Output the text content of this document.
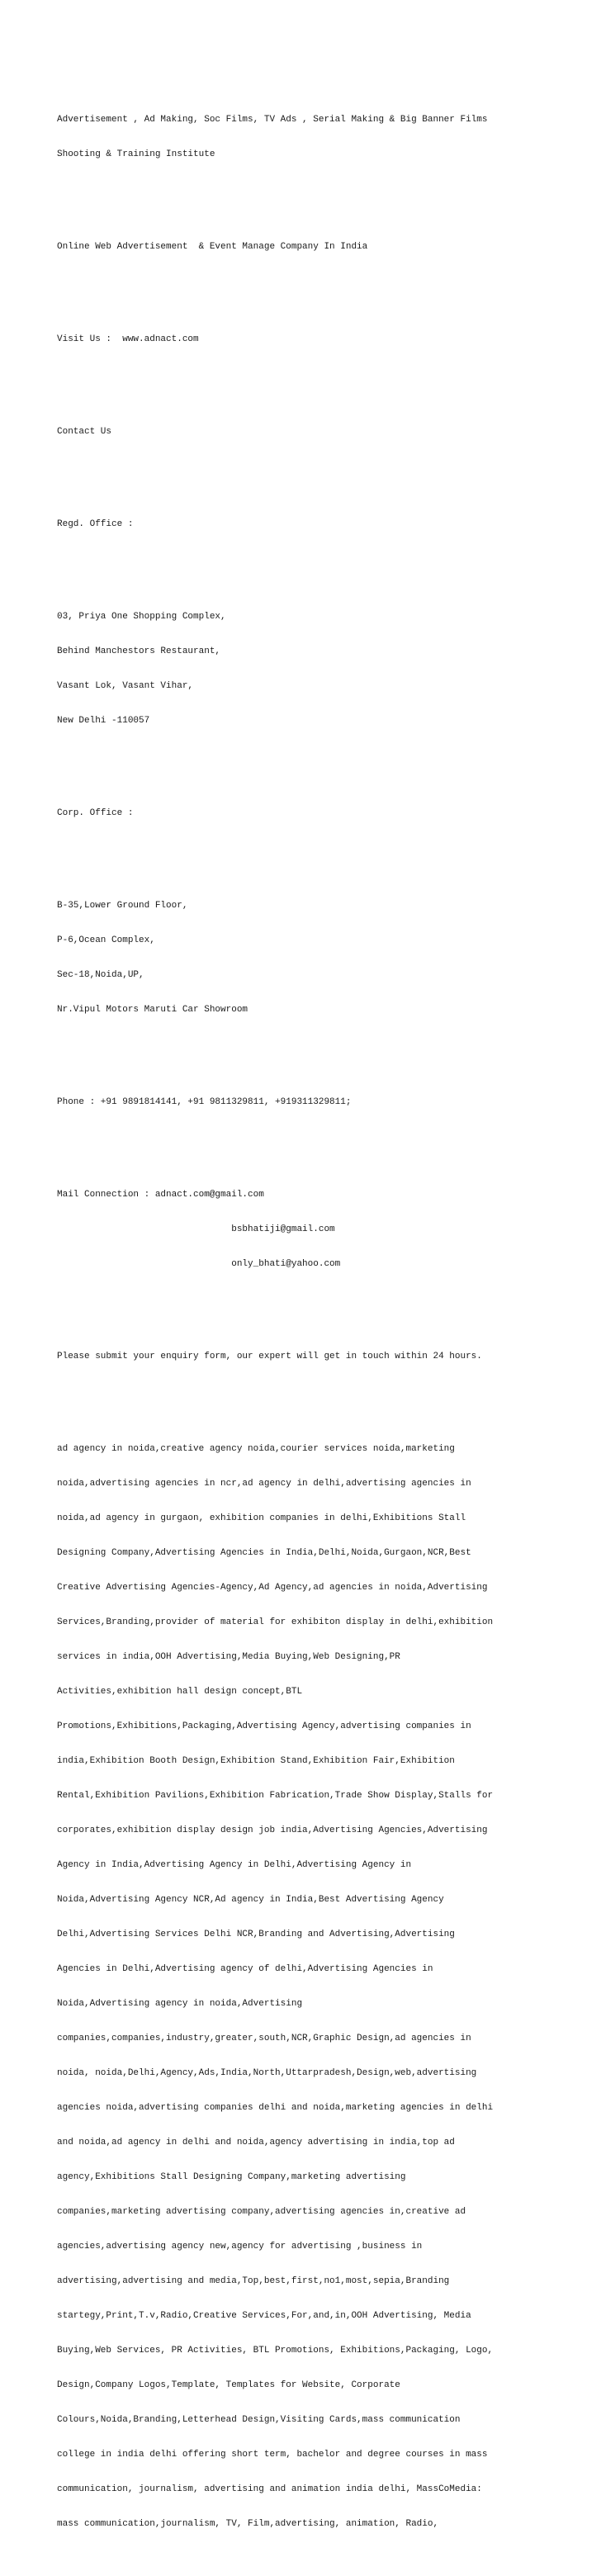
Advertisement , Ad Making, Soc Films, TV Ads , Serial Making & Big Banner Films

Shooting & Training Institute

Online Web Advertisement  & Event Manage Company In India

Visit Us :  www.adnact.com

Contact Us

Regd. Office :

03, Priya One Shopping Complex,

Behind Manchestors Restaurant,

Vasant Lok, Vasant Vihar,

New Delhi -110057

Corp. Office :

B-35,Lower Ground Floor,

P-6,Ocean Complex,

Sec-18,Noida,UP,

Nr.Vipul Motors Maruti Car Showroom

Phone : +91 9891814141, +91 9811329811, +919311329811;

Mail Connection : adnact.com@gmail.com

bsbhatiji@gmail.com

only_bhati@yahoo.com

Please submit your enquiry form, our expert will get in touch within 24 hours.

ad agency in noida,creative agency noida,courier services noida,marketing

noida,advertising agencies in ncr,ad agency in delhi,advertising agencies in

noida,ad agency in gurgaon, exhibition companies in delhi,Exhibitions Stall

Designing Company,Advertising Agencies in India,Delhi,Noida,Gurgaon,NCR,Best

Creative Advertising Agencies-Agency,Ad Agency,ad agencies in noida,Advertising

Services,Branding,provider of material for exhibiton display in delhi,exhibition

services in india,OOH Advertising,Media Buying,Web Designing,PR

Activities,exhibition hall design concept,BTL

Promotions,Exhibitions,Packaging,Advertising Agency,advertising companies in

india,Exhibition Booth Design,Exhibition Stand,Exhibition Fair,Exhibition

Rental,Exhibition Pavilions,Exhibition Fabrication,Trade Show Display,Stalls for

corporates,exhibition display design job india,Advertising Agencies,Advertising

Agency in India,Advertising Agency in Delhi,Advertising Agency in

Noida,Advertising Agency NCR,Ad agency in India,Best Advertising Agency

Delhi,Advertising Services Delhi NCR,Branding and Advertising,Advertising

Agencies in Delhi,Advertising agency of delhi,Advertising Agencies in

Noida,Advertising agency in noida,Advertising

companies,companies,industry,greater,south,NCR,Graphic Design,ad agencies in

noida, noida,Delhi,Agency,Ads,India,North,Uttarpradesh,Design,web,advertising

agencies noida,advertising companies delhi and noida,marketing agencies in delhi

and noida,ad agency in delhi and noida,agency advertising in india,top ad

agency,Exhibitions Stall Designing Company,marketing advertising

companies,marketing advertising company,advertising agencies in,creative ad

agencies,advertising agency new,agency for advertising ,business in

advertising,advertising and media,Top,best,first,no1,most,sepia,Branding

startegy,Print,T.v,Radio,Creative Services,For,and,in,OOH Advertising, Media

Buying,Web Services, PR Activities, BTL Promotions, Exhibitions,Packaging, Logo,

Design,Company Logos,Template, Templates for Website, Corporate

Colours,Noida,Branding,Letterhead Design,Visiting Cards,mass communication

college in india delhi offering short term, bachelor and degree courses in mass

communication, journalism, advertising and animation india delhi, MassCoMedia:

mass communication,journalism, TV, Film,advertising, animation, Radio,
